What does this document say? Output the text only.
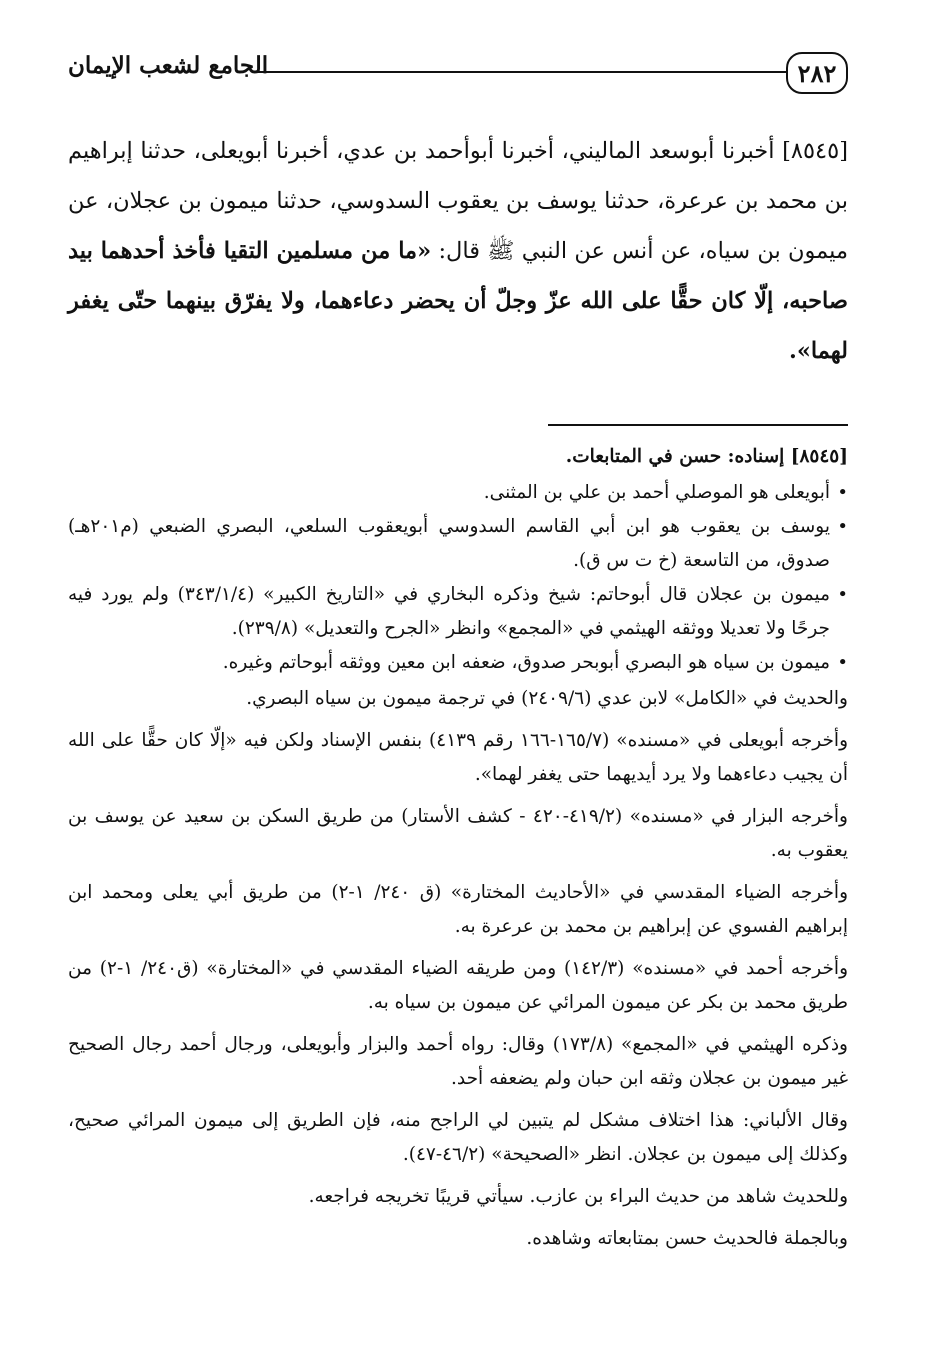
٢٨٢
الجامع لشعب الإيمان
[٨٥٤٥] أخبرنا أبوسعد الماليني، أخبرنا أبوأحمد بن عدي، أخبرنا أبويعلى، حدثنا إبراهيم بن محمد بن عرعرة، حدثنا يوسف بن يعقوب السدوسي، حدثنا ميمون بن عجلان، عن ميمون بن سياه، عن أنس عن النبي ﷺ قال: «ما من مسلمين التقيا فأخذ أحدهما بيد صاحبه، إلّا كان حقًّا على الله عزّ وجلّ أن يحضر دعاءهما، ولا يفرّق بينهما حتّى يغفر لهما».
[٨٥٤٥] إسناده: حسن في المتابعات.
• أبويعلى هو الموصلي أحمد بن علي بن المثنى.
• يوسف بن يعقوب هو ابن أبي القاسم السدوسي أبويعقوب السلعي، البصري الضبعي (م٢٠١هـ) صدوق، من التاسعة (خ ت س ق).
• ميمون بن عجلان قال أبوحاتم: شيخ وذكره البخاري في «التاريخ الكبير» (٣٤٣/١/٤) ولم يورد فيه جرحًا ولا تعديلا ووثقه الهيثمي في «المجمع» وانظر «الجرح والتعديل» (٢٣٩/٨).
• ميمون بن سياه هو البصري أبوبحر صدوق، ضعفه ابن معين ووثقه أبوحاتم وغيره.

والحديث في «الكامل» لابن عدي (٢٤٠٩/٦) في ترجمة ميمون بن سياه البصري.

وأخرجه أبويعلى في «مسنده» (١٦٥/٧-١٦٦ رقم ٤١٣٩) بنفس الإسناد ولكن فيه «إلّا كان حقًّا على الله أن يجيب دعاءهما ولا يرد أيديهما حتى يغفر لهما».

وأخرجه البزار في «مسنده» (٤١٩/٢-٤٢٠ - كشف الأستار) من طريق السكن بن سعيد عن يوسف بن يعقوب به.

وأخرجه الضياء المقدسي في «الأحاديث المختارة» (ق ٢٤٠/ ١-٢) من طريق أبي يعلى ومحمد ابن إبراهيم الفسوي عن إبراهيم بن محمد بن عرعرة به.

وأخرجه أحمد في «مسنده» (١٤٢/٣) ومن طريقه الضياء المقدسي في «المختارة» (ق٢٤٠/ ١-٢) من طريق محمد بن بكر عن ميمون المرائي عن ميمون بن سياه به.

وذكره الهيثمي في «المجمع» (١٧٣/٨) وقال: رواه أحمد والبزار وأبويعلى، ورجال أحمد رجال الصحيح غير ميمون بن عجلان وثقه ابن حبان ولم يضعفه أحد.

وقال الألباني: هذا اختلاف مشكل لم يتبين لي الراجح منه، فإن الطريق إلى ميمون المرائي صحيح، وكذلك إلى ميمون بن عجلان. انظر «الصحيحة» (٤٦/٢-٤٧).

وللحديث شاهد من حديث البراء بن عازب. سيأتي قريبًا تخريجه فراجعه.

وبالجملة فالحديث حسن بمتابعاته وشاهده.
